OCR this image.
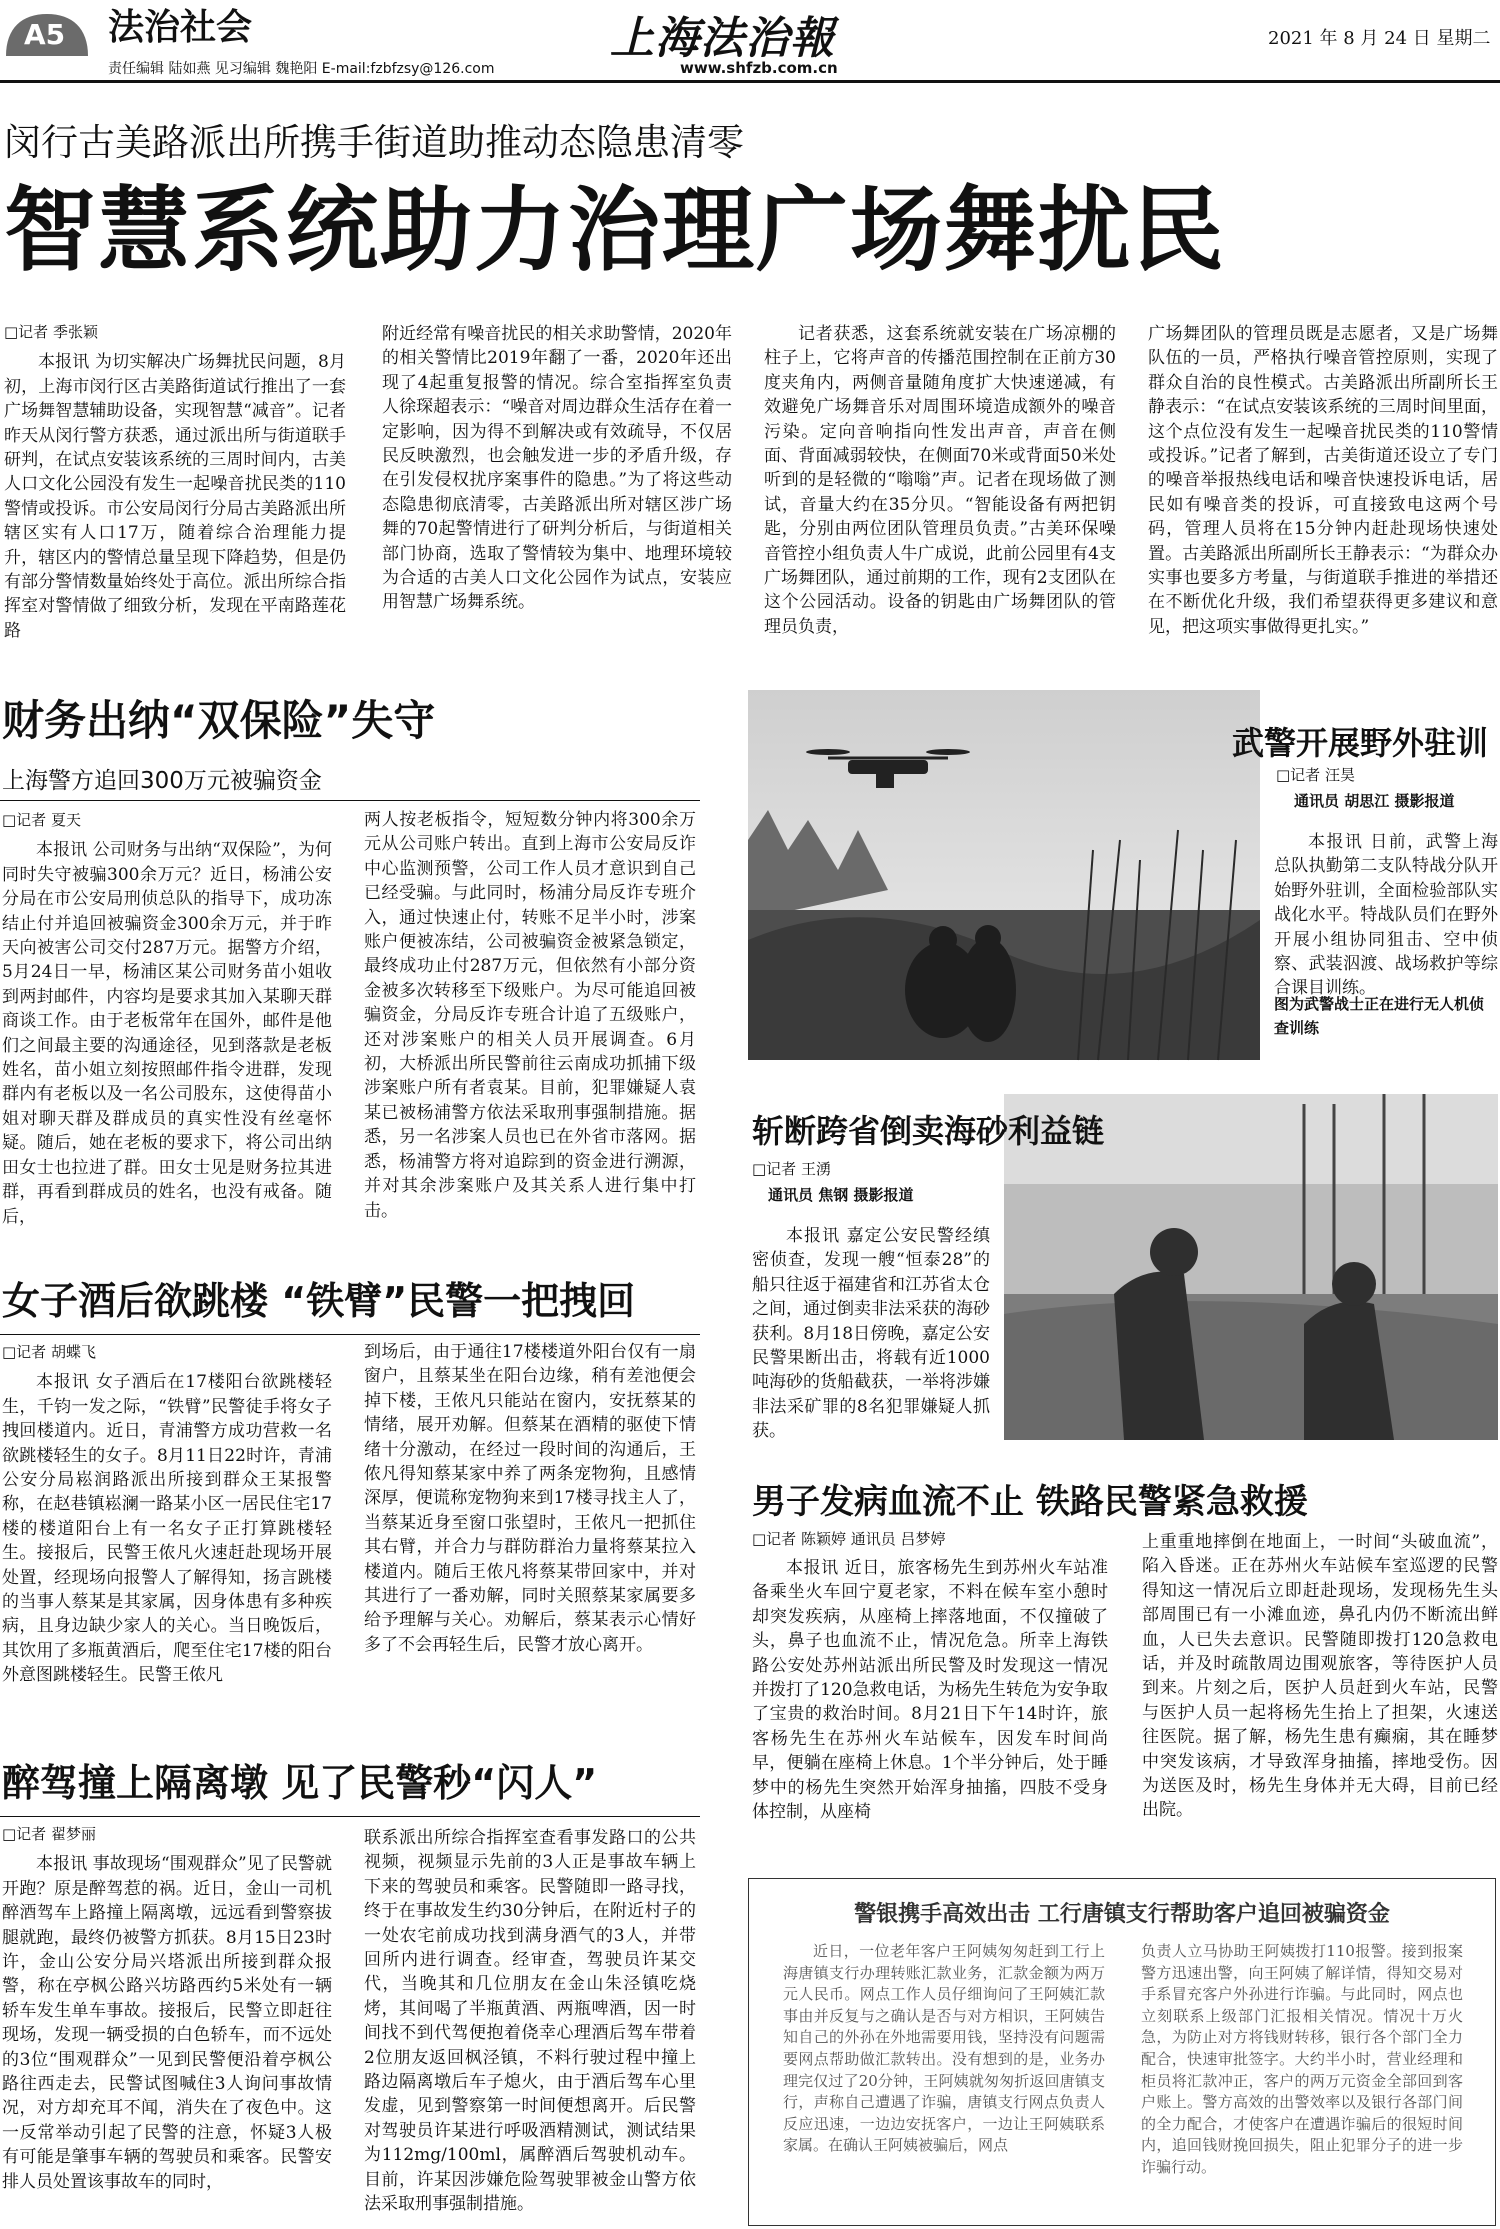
A5 法治社会
责任编辑 陆如燕 见习编辑 魏艳阳 E-mail:fzbfzsy@126.com
上海法治報
www.shfzb.com.cn
2021 年 8 月 24 日 星期二
闵行古美路派出所携手街道助推动态隐患清零
智慧系统助力治理广场舞扰民

□记者 季张颖

本报讯 为切实解决广场舞扰民问题，8月初，上海市闵行区古美路街道试行推出了一套广场舞智慧辅助设备，实现智慧“减音”。记者昨天从闵行警方获悉，通过派出所与街道联手研判，在试点安装该系统的三周时间内，古美人口文化公园没有发生一起噪音扰民类的110警情或投诉。市公安局闵行分局古美路派出所辖区实有人口17万，随着综合治理能力提升，辖区内的警情总量呈现下降趋势，但是仍有部分警情数量始终处于高位。派出所综合指挥室对警情做了细致分析，发现在平南路莲花路

附近经常有噪音扰民的相关求助警情，2020年的相关警情比2019年翻了一番，2020年还出现了4起重复报警的情况。综合室指挥室负责人徐琛超表示：“噪音对周边群众生活存在着一定影响，因为得不到解决或有效疏导，不仅居民反映激烈，也会触发进一步的矛盾升级，存在引发侵权扰序案事件的隐患。”为了将这些动态隐患彻底清零，古美路派出所对辖区涉广场舞的70起警情进行了研判分析后，与街道相关部门协商，选取了警情较为集中、地理环境较为合适的古美人口文化公园作为试点，安装应用智慧广场舞系统。

记者获悉，这套系统就安装在广场凉棚的柱子上，它将声音的传播范围控制在正前方30度夹角内，两侧音量随角度扩大快速递减，有效避免广场舞音乐对周围环境造成额外的噪音污染。定向音响指向性发出声音，声音在侧面、背面减弱较快，在侧面70米或背面50米处听到的是轻微的“嗡嗡”声。记者在现场做了测试，音量大约在35分贝。“智能设备有两把钥匙，分别由两位团队管理员负责。”古美环保噪音管控小组负责人牛广成说，此前公园里有4支广场舞团队，通过前期的工作，现有2支团队在这个公园活动。设备的钥匙由广场舞团队的管理员负责，

广场舞团队的管理员既是志愿者，又是广场舞队伍的一员，严格执行噪音管控原则，实现了群众自治的良性模式。古美路派出所副所长王静表示：“在试点安装该系统的三周时间里面，这个点位没有发生一起噪音扰民类的110警情或投诉。”记者了解到，古美街道还设立了专门的噪音举报热线电话和噪音快速投诉电话，居民如有噪音类的投诉，可直接致电这两个号码，管理人员将在15分钟内赶赴现场快速处置。古美路派出所副所长王静表示：“为群众办实事也要多方考量，与街道联手推进的举措还在不断优化升级，我们希望获得更多建议和意见，把这项实事做得更扎实。”

财务出纳“双保险”失守
上海警方追回300万元被骗资金

□记者 夏天

本报讯 公司财务与出纳“双保险”，为何同时失守被骗300余万元？近日，杨浦公安分局在市公安局刑侦总队的指导下，成功冻结止付并追回被骗资金300余万元，并于昨天向被害公司交付287万元。据警方介绍，5月24日一早，杨浦区某公司财务苗小姐收到两封邮件，内容均是要求其加入某聊天群商谈工作。由于老板常年在国外，邮件是他们之间最主要的沟通途径，见到落款是老板姓名，苗小姐立刻按照邮件指令进群，发现群内有老板以及一名公司股东，这使得苗小姐对聊天群及群成员的真实性没有丝毫怀疑。随后，她在老板的要求下，将公司出纳田女士也拉进了群。田女士见是财务拉其进群，再看到群成员的姓名，也没有戒备。随后，

两人按老板指令，短短数分钟内将300余万元从公司账户转出。直到上海市公安局反诈中心监测预警，公司工作人员才意识到自己已经受骗。与此同时，杨浦分局反诈专班介入，通过快速止付，转账不足半小时，涉案账户便被冻结，公司被骗资金被紧急锁定，最终成功止付287万元，但依然有小部分资金被多次转移至下级账户。为尽可能追回被骗资金，分局反诈专班合计追了五级账户，还对涉案账户的相关人员开展调查。6月初，大桥派出所民警前往云南成功抓捕下级涉案账户所有者袁某。目前，犯罪嫌疑人袁某已被杨浦警方依法采取刑事强制措施。据悉，另一名涉案人员也已在外省市落网。据悉，杨浦警方将对追踪到的资金进行溯源，并对其余涉案账户及其关系人进行集中打击。

武警开展野外驻训
□记者 汪昊
通讯员 胡思江 摄影报道

本报讯 日前，武警上海总队执勤第二支队特战分队开始野外驻训，全面检验部队实战化水平。特战队员们在野外开展小组协同狙击、空中侦察、武装泅渡、战场救护等综合课目训练。

图为武警战士正在进行无人机侦查训练
斩断跨省倒卖海砂利益链
□记者 王湧
通讯员 焦钢 摄影报道

本报讯 嘉定公安民警经缜密侦查，发现一艘“恒泰28”的船只往返于福建省和江苏省太仓之间，通过倒卖非法采获的海砂获利。8月18日傍晚，嘉定公安民警果断出击，将载有近1000吨海砂的货船截获，一举将涉嫌非法采矿罪的8名犯罪嫌疑人抓获。

女子酒后欲跳楼 “铁臂”民警一把拽回

□记者 胡蝶飞

本报讯 女子酒后在17楼阳台欲跳楼轻生，千钧一发之际，“铁臂”民警徒手将女子拽回楼道内。近日，青浦警方成功营救一名欲跳楼轻生的女子。8月11日22时许，青浦公安分局崧润路派出所接到群众王某报警称，在赵巷镇崧澜一路某小区一居民住宅17楼的楼道阳台上有一名女子正打算跳楼轻生。接报后，民警王侬凡火速赶赴现场开展处置，经现场向报警人了解得知，扬言跳楼的当事人蔡某是其家属，因身体患有多种疾病，且身边缺少家人的关心。当日晚饭后，其饮用了多瓶黄酒后，爬至住宅17楼的阳台外意图跳楼轻生。民警王侬凡

到场后，由于通往17楼楼道外阳台仅有一扇窗户，且蔡某坐在阳台边缘，稍有差池便会掉下楼，王侬凡只能站在窗内，安抚蔡某的情绪，展开劝解。但蔡某在酒精的驱使下情绪十分激动，在经过一段时间的沟通后，王侬凡得知蔡某家中养了两条宠物狗，且感情深厚，便谎称宠物狗来到17楼寻找主人了，当蔡某近身至窗口张望时，王侬凡一把抓住其右臂，并合力与群防群治力量将蔡某拉入楼道内。随后王侬凡将蔡某带回家中，并对其进行了一番劝解，同时关照蔡某家属要多给予理解与关心。劝解后，蔡某表示心情好多了不会再轻生后，民警才放心离开。

男子发病血流不止 铁路民警紧急救援
□记者 陈颖婷 通讯员 吕梦婷

本报讯 近日，旅客杨先生到苏州火车站准备乘坐火车回宁夏老家，不料在候车室小憩时却突发疾病，从座椅上摔落地面，不仅撞破了头，鼻子也血流不止，情况危急。所幸上海铁路公安处苏州站派出所民警及时发现这一情况并拨打了120急救电话，为杨先生转危为安争取了宝贵的救治时间。8月21日下午14时许，旅客杨先生在苏州火车站候车，因发车时间尚早，便躺在座椅上休息。1个半分钟后，处于睡梦中的杨先生突然开始浑身抽搐，四肢不受身体控制，从座椅

上重重地摔倒在地面上，一时间“头破血流”，陷入昏迷。正在苏州火车站候车室巡逻的民警得知这一情况后立即赶赴现场，发现杨先生头部周围已有一小滩血迹，鼻孔内仍不断流出鲜血，人已失去意识。民警随即拨打120急救电话，并及时疏散周边围观旅客，等待医护人员到来。片刻之后，医护人员赶到火车站，民警与医护人员一起将杨先生抬上了担架，火速送往医院。据了解，杨先生患有癫痫，其在睡梦中突发该病，才导致浑身抽搐，摔地受伤。因为送医及时，杨先生身体并无大碍，目前已经出院。

醉驾撞上隔离墩 见了民警秒“闪人”

□记者 翟梦丽

本报讯 事故现场“围观群众”见了民警就开跑？原是醉驾惹的祸。近日，金山一司机醉酒驾车上路撞上隔离墩，远远看到警察拔腿就跑，最终仍被警方抓获。8月15日23时许，金山公安分局兴塔派出所接到群众报警，称在亭枫公路兴坊路西约5米处有一辆轿车发生单车事故。接报后，民警立即赶往现场，发现一辆受损的白色轿车，而不远处的3位“围观群众”一见到民警便沿着亭枫公路往西走去，民警试图喊住3人询问事故情况，对方却充耳不闻，消失在了夜色中。这一反常举动引起了民警的注意，怀疑3人极有可能是肇事车辆的驾驶员和乘客。民警安排人员处置该事故车的同时，

联系派出所综合指挥室查看事发路口的公共视频，视频显示先前的3人正是事故车辆上下来的驾驶员和乘客。民警随即一路寻找，终于在事故发生约30分钟后，在附近村子的一处农宅前成功找到满身酒气的3人，并带回所内进行调查。经审查，驾驶员许某交代，当晚其和几位朋友在金山朱泾镇吃烧烤，其间喝了半瓶黄酒、两瓶啤酒，因一时间找不到代驾便抱着侥幸心理酒后驾车带着2位朋友返回枫泾镇，不料行驶过程中撞上路边隔离墩后车子熄火，由于酒后驾车心里发虚，见到警察第一时间便想离开。后民警对驾驶员许某进行呼吸酒精测试，测试结果为112mg/100ml，属醉酒后驾驶机动车。目前，许某因涉嫌危险驾驶罪被金山警方依法采取刑事强制措施。

警银携手高效出击 工行唐镇支行帮助客户追回被骗资金

近日，一位老年客户王阿姨匆匆赶到工行上海唐镇支行办理转账汇款业务，汇款金额为两万元人民币。网点工作人员仔细询问了王阿姨汇款事由并反复与之确认是否与对方相识，王阿姨告知自己的外孙在外地需要用钱，坚持没有问题需要网点帮助做汇款转出。没有想到的是，业务办理完仅过了20分钟，王阿姨就匆匆折返回唐镇支行，声称自己遭遇了诈骗，唐镇支行网点负责人反应迅速，一边边安抚客户，一边让王阿姨联系家属。在确认王阿姨被骗后，网点

负责人立马协助王阿姨拨打110报警。接到报案警方迅速出警，向王阿姨了解详情，得知交易对手系冒充客户外孙进行诈骗。与此同时，网点也立刻联系上级部门汇报相关情况。情况十万火急，为防止对方将钱财转移，银行各个部门全力配合，快速审批签字。大约半小时，营业经理和柜员将汇款冲正，客户的两万元资金全部回到客户账上。警方高效的出警效率以及银行各部门间的全力配合，才使客户在遭遇诈骗后的很短时间内，追回钱财挽回损失，阻止犯罪分子的进一步诈骗行动。
